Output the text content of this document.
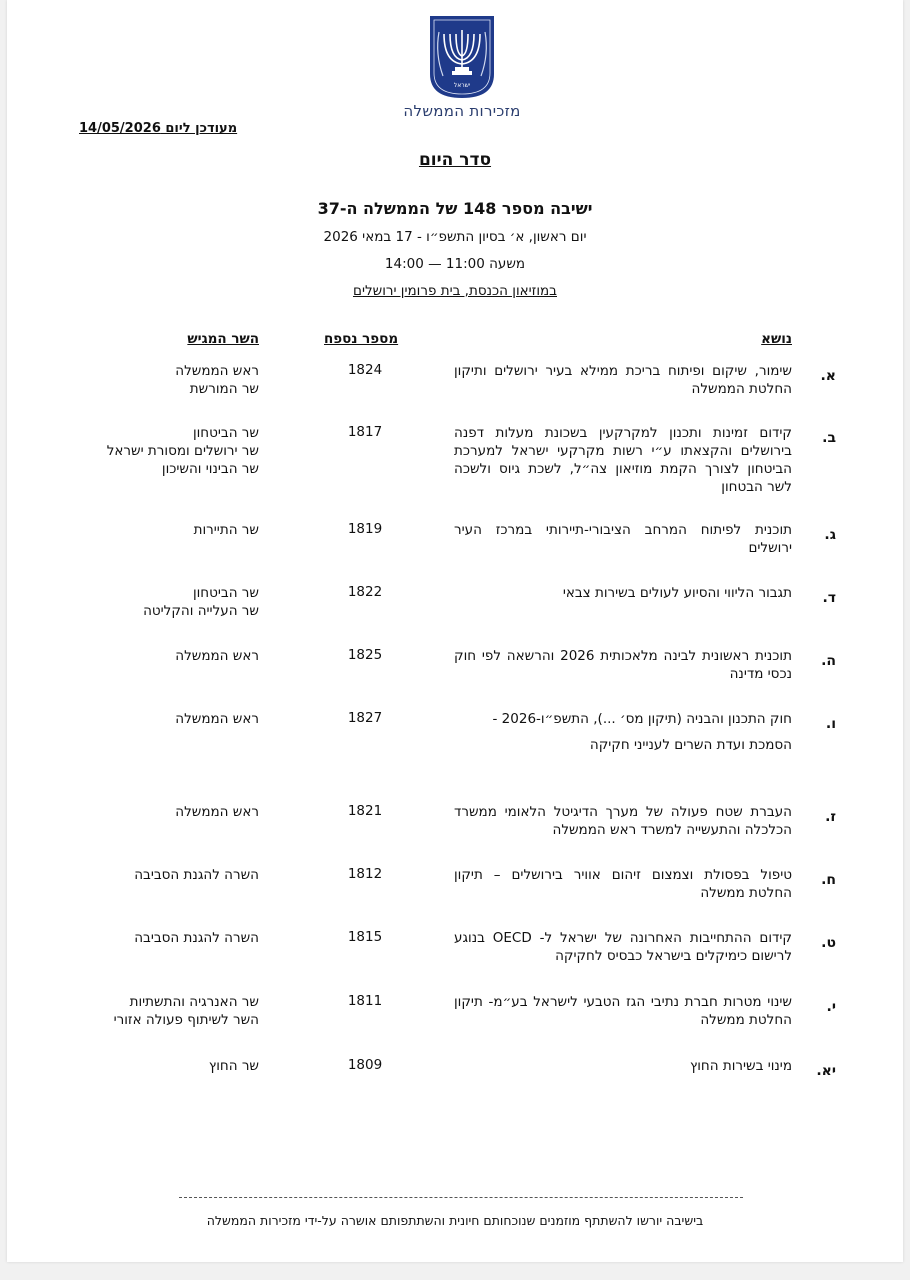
ישראל
מזכירות הממשלה
מעודכן ליום 14/05/2026
סדר היום
ישיבה מספר 148 של הממשלה ה-37
יום ראשון, א׳ בסיון התשפ״ו - 17 במאי 2026
משעה 11:00 — 14:00
במוזיאון הכנסת, בית פרומין ירושלים
נושא
מספר נספח
השר המגיש
א.
שימור, שיקום ופיתוח בריכת ממילא בעיר ירושלים ותיקון החלטת הממשלה
1824
ראש הממשלה
שר המורשת
ב.
קידום זמינות ותכנון למקרקעין בשכונת מעלות דפנה בירושלים והקצאתו ע״י רשות מקרקעי ישראל למערכת הביטחון לצורך הקמת מוזיאון צה״ל, לשכת גיוס ולשכה לשר הבטחון
1817
שר הביטחון
שר ירושלים ומסורת ישראל
שר הבינוי והשיכון
ג.
תוכנית לפיתוח המרחב הציבורי-תיירותי במרכז העיר ירושלים
1819
שר התיירות
ד.
תגבור הליווי והסיוע לעולים בשירות צבאי
1822
שר הביטחון
שר העלייה והקליטה
ה.
תוכנית ראשונית לבינה מלאכותית 2026 והרשאה לפי חוק נכסי מדינה
1825
ראש הממשלה
ו.
חוק התכנון והבניה (תיקון מס׳ ...), התשפ״ו-2026 -
הסמכת ועדת השרים לענייני חקיקה
1827
ראש הממשלה
ז.
העברת שטח פעולה של מערך הדיגיטל הלאומי ממשרד הכלכלה והתעשייה למשרד ראש הממשלה
1821
ראש הממשלה
ח.
טיפול בפסולת וצמצום זיהום אוויר בירושלים – תיקון החלטת ממשלה
1812
השרה להגנת הסביבה
ט.
קידום ההתחייבות האחרונה של ישראל ל- OECD בנוגע לרישום כימיקלים בישראל כבסיס לחקיקה
1815
השרה להגנת הסביבה
י.
שינוי מטרות חברת נתיבי הגז הטבעי לישראל בע״מ- תיקון החלטת ממשלה
1811
שר האנרגיה והתשתיות
השר לשיתוף פעולה אזורי
יא.
מינוי בשירות החוץ
1809
שר החוץ
בישיבה יורשו להשתתף מוזמנים שנוכחותם חיונית והשתתפותם אושרה על-ידי מזכירות הממשלה
